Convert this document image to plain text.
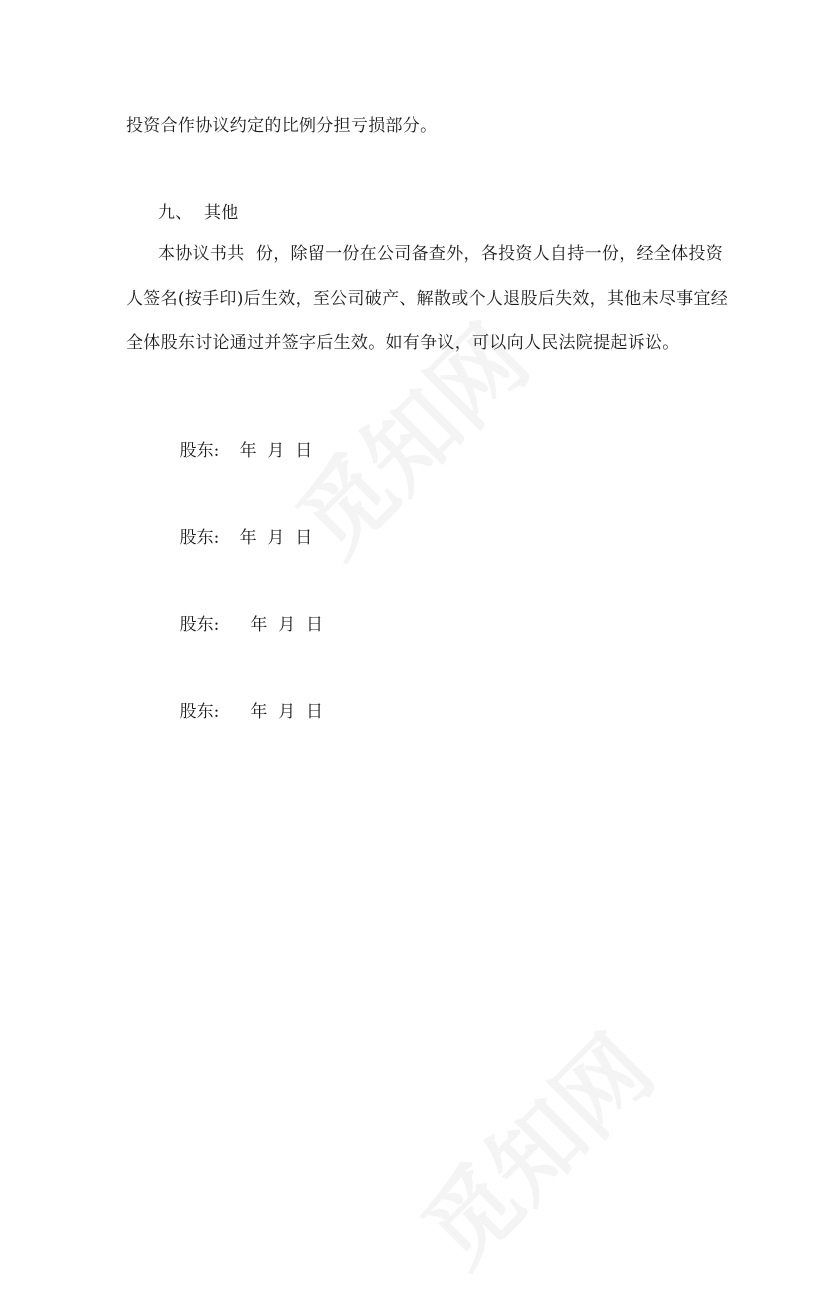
投资合作协议约定的比例分担亏损部分。
九、  其他
本协议书共  份，除留一份在公司备查外，各投资人自持一份，经全体投资
人签名(按手印)后生效，至公司破产、解散或个人退股后失效，其他未尽事宜经
全体股东讨论通过并签字后生效。如有争议，可以向人民法院提起诉讼。

股东: 年  月  日

股东: 年  月  日

股东:  年  月  日

股东:  年  月  日
